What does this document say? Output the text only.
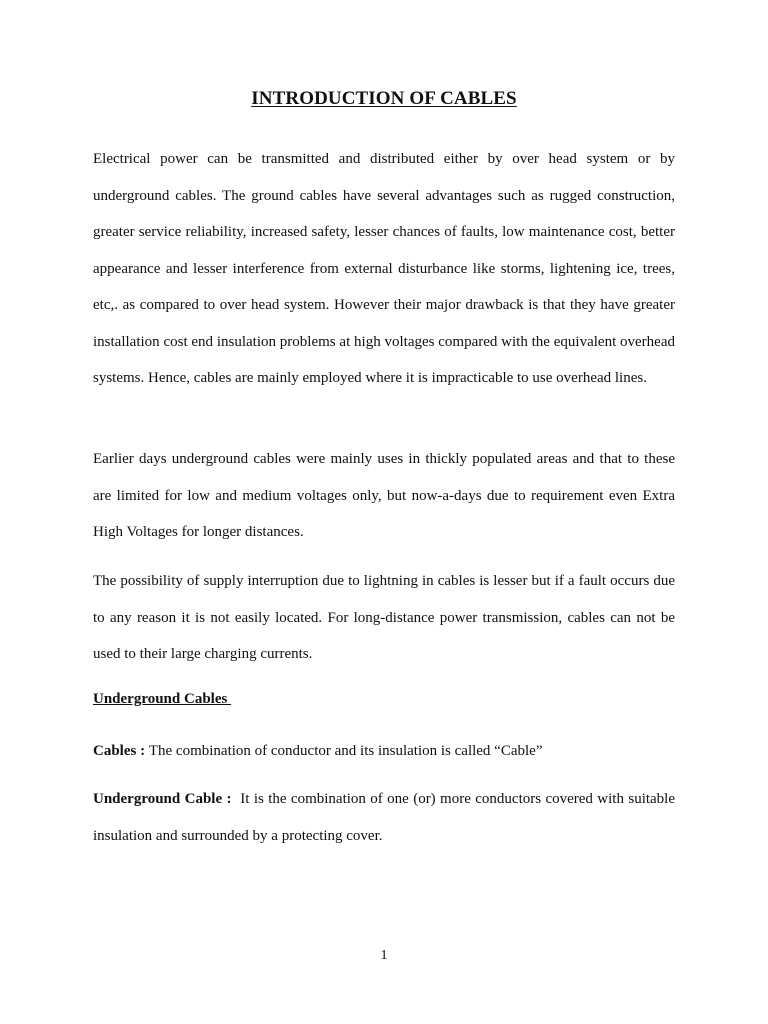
INTRODUCTION OF CABLES

Electrical power can be transmitted and distributed either by over head system or by underground cables. The ground cables have several advantages such as rugged construction, greater service reliability, increased safety, lesser chances of faults, low maintenance cost, better appearance and lesser interference from external disturbance like storms, lightening ice, trees, etc,. as compared to over head system. However their major drawback is that they have greater installation cost end insulation problems at high voltages compared with the equivalent overhead systems. Hence, cables are mainly employed where it is impracticable to use overhead lines.

Earlier days underground cables were mainly uses in thickly populated areas and that to these are limited for low and medium voltages only, but now-a-days due to requirement even Extra High Voltages for longer distances.

The possibility of supply interruption due to lightning in cables is lesser but if a fault occurs due to any reason it is not easily located. For long-distance power transmission, cables can not be used to their large charging currents.

Underground Cables

Cables : The combination of conductor and its insulation is called “Cable”

Underground Cable : It is the combination of one (or) more conductors covered with suitable insulation and surrounded by a protecting cover.

1
